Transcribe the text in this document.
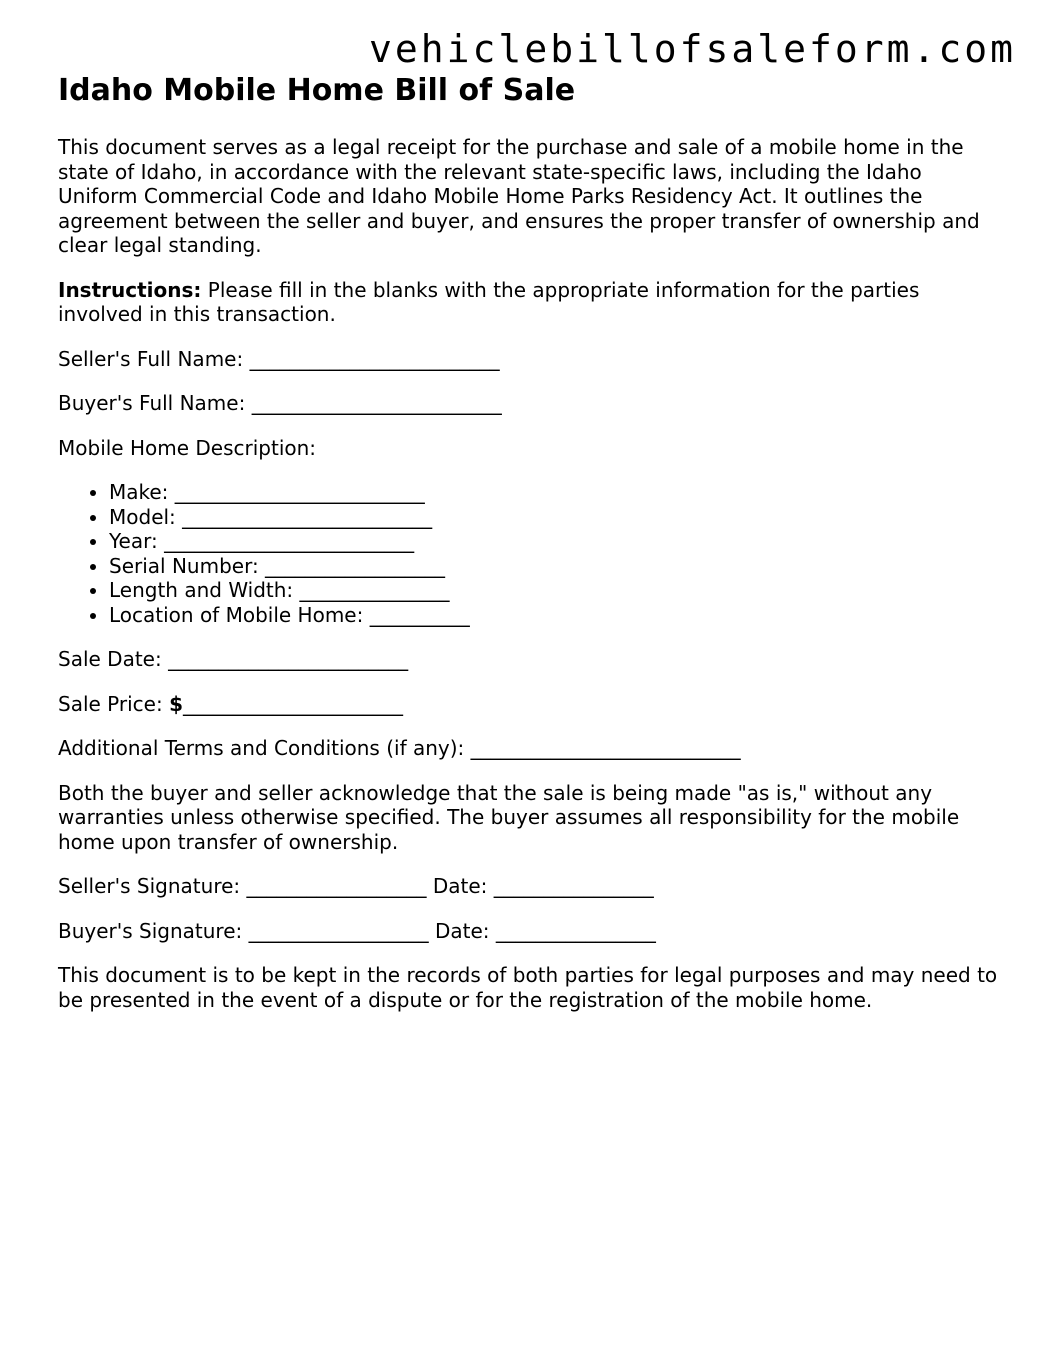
vehiclebillofsaleform.com
Idaho Mobile Home Bill of Sale

This document serves as a legal receipt for the purchase and sale of a mobile home in the state of Idaho, in accordance with the relevant state-specific laws, including the Idaho Uniform Commercial Code and Idaho Mobile Home Parks Residency Act. It outlines the agreement between the seller and buyer, and ensures the proper transfer of ownership and clear legal standing.

Instructions: Please fill in the blanks with the appropriate information for the parties involved in this transaction.

Seller's Full Name: _________________________

Buyer's Full Name: _________________________

Mobile Home Description:

• Make: _________________________
• Model: _________________________
• Year: _________________________
• Serial Number: __________________
• Length and Width: _______________
• Location of Mobile Home: __________

Sale Date: ________________________

Sale Price: $______________________

Additional Terms and Conditions (if any): ___________________________

Both the buyer and seller acknowledge that the sale is being made "as is," without any warranties unless otherwise specified. The buyer assumes all responsibility for the mobile home upon transfer of ownership.

Seller's Signature: __________________ Date: ________________

Buyer's Signature: __________________ Date: ________________

This document is to be kept in the records of both parties for legal purposes and may need to be presented in the event of a dispute or for the registration of the mobile home.
